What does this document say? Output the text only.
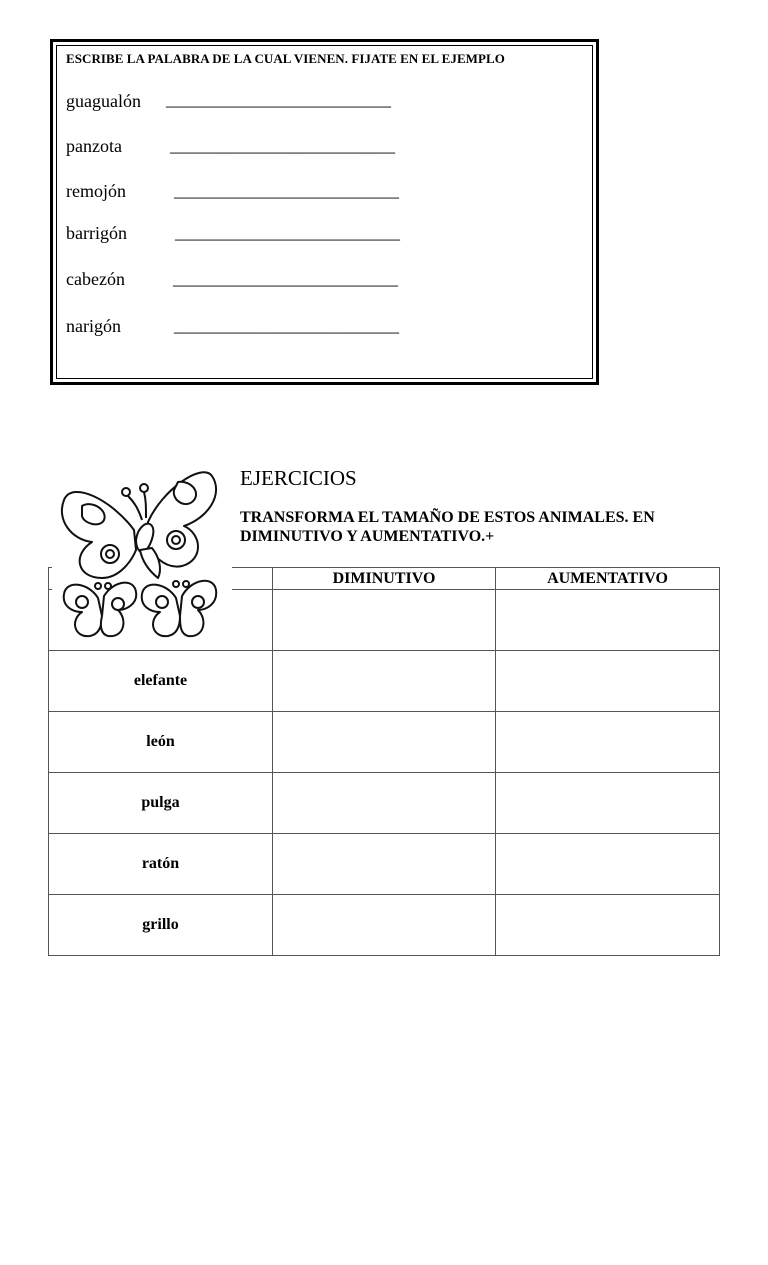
ESCRIBE LA PALABRA DE LA CUAL VIENEN. FIJATE EN EL EJEMPLO
guagualón _________________________
panzota	_________________________
remojón	_________________________
barrigón	_________________________
cabezón	_________________________
narigón	_________________________
EJERCICIOS
TRANSFORMA EL TAMAÑO DE ESTOS ANIMALES. EN DIMINUTIVO Y AUMENTATIVO.+
	DIMINUTIVO	AUMENTATIVO

elefante		
león		
pulga		
ratón		
grillo		
